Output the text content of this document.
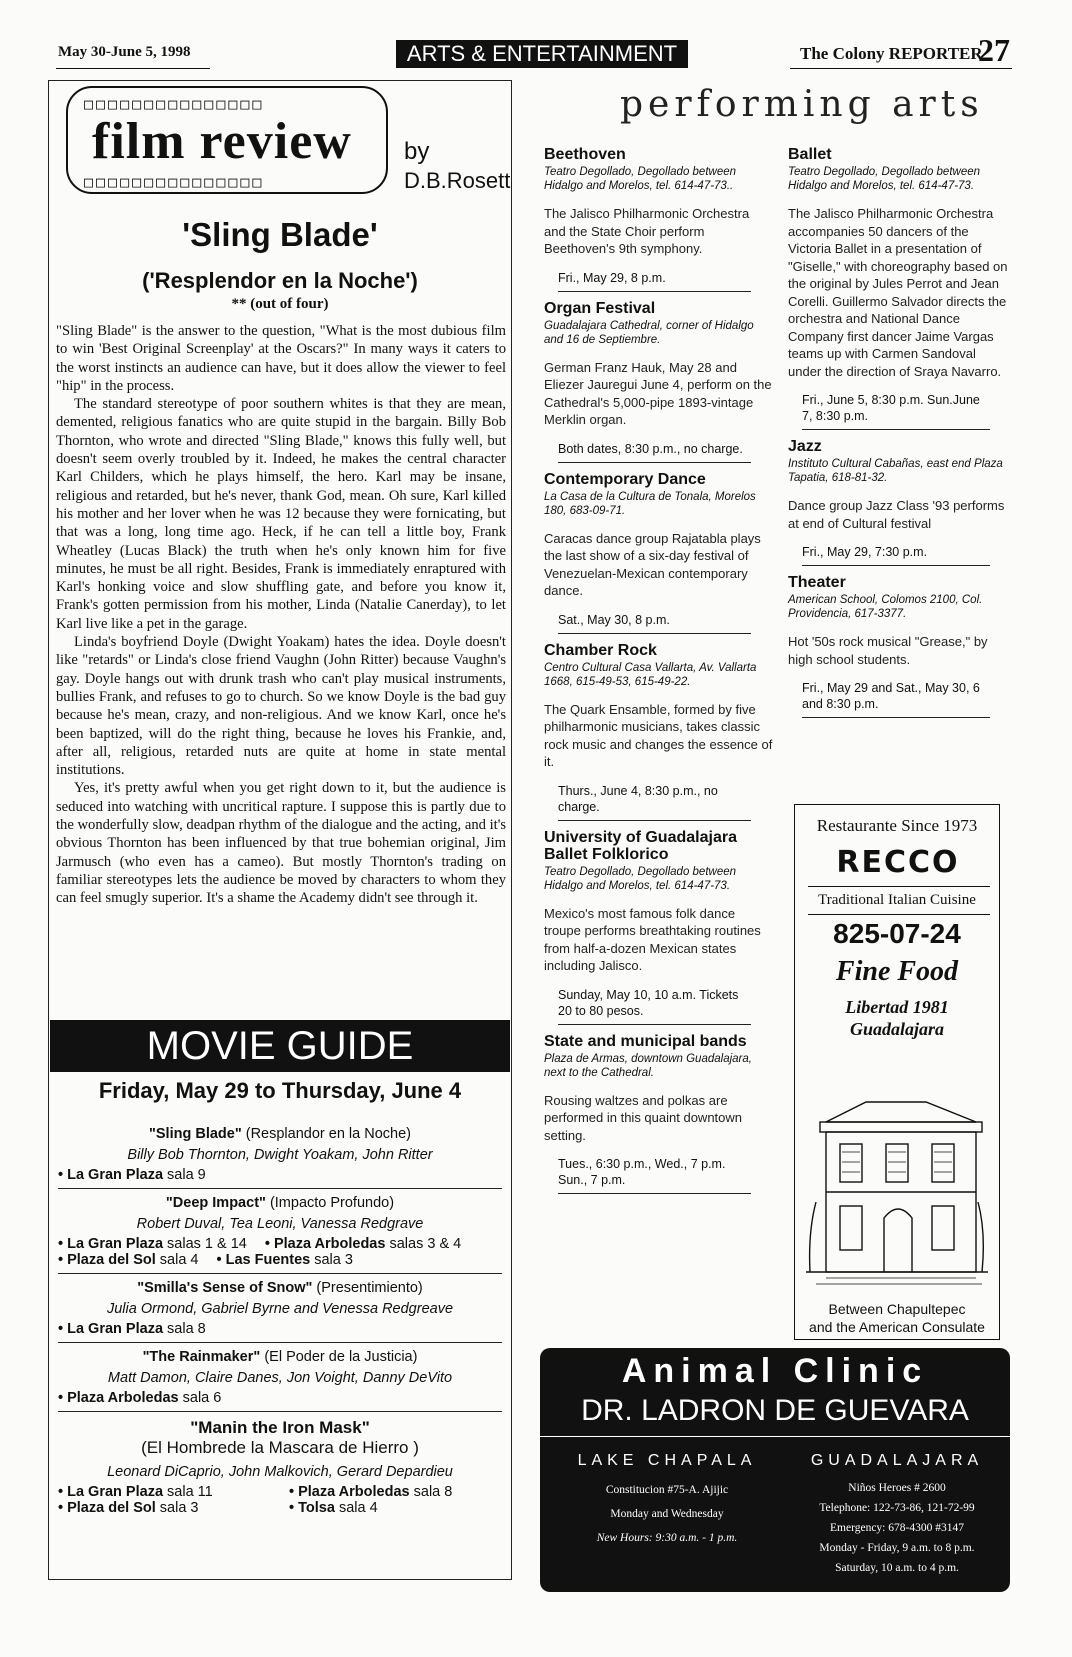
May 30-June 5, 1998	ARTS & ENTERTAINMENT	The Colony REPORTER
27
□□□□□□□□□□□□□□□
film review
□□□□□□□□□□□□□□□
by
D.B.Rosett
'Sling Blade'
('Resplendor en la Noche')
** (out of four)

"Sling Blade" is the answer to the question, "What is the most dubious film to win 'Best Original Screenplay' at the Oscars?" In many ways it caters to the worst instincts an audience can have, but it does allow the viewer to feel "hip" in the process.

The standard stereotype of poor southern whites is that they are mean, demented, religious fanatics who are quite stupid in the bargain. Billy Bob Thornton, who wrote and directed "Sling Blade," knows this fully well, but doesn't seem overly troubled by it. Indeed, he makes the central character Karl Childers, which he plays himself, the hero. Karl may be insane, religious and retarded, but he's never, thank God, mean. Oh sure, Karl killed his mother and her lover when he was 12 because they were fornicating, but that was a long, long time ago. Heck, if he can tell a little boy, Frank Wheatley (Lucas Black) the truth when he's only known him for five minutes, he must be all right. Besides, Frank is immediately enraptured with Karl's honking voice and slow shuffling gate, and before you know it, Frank's gotten permission from his mother, Linda (Natalie Canerday), to let Karl live like a pet in the garage.

Linda's boyfriend Doyle (Dwight Yoakam) hates the idea. Doyle doesn't like "retards" or Linda's close friend Vaughn (John Ritter) because Vaughn's gay. Doyle hangs out with drunk trash who can't play musical instruments, bullies Frank, and refuses to go to church. So we know Doyle is the bad guy because he's mean, crazy, and non-religious. And we know Karl, once he's been baptized, will do the right thing, because he loves his Frankie, and, after all, religious, retarded nuts are quite at home in state mental institutions.

Yes, it's pretty awful when you get right down to it, but the audience is seduced into watching with uncritical rapture. I suppose this is partly due to the wonderfully slow, deadpan rhythm of the dialogue and the acting, and it's obvious Thornton has been influenced by that true bohemian original, Jim Jarmusch (who even has a cameo). But mostly Thornton's trading on familiar stereotypes lets the audience be moved by characters to whom they can feel smugly superior. It's a shame the Academy didn't see through it.

MOVIE GUIDE
Friday, May 29 to Thursday, June 4
"Sling Blade" (Resplandor en la Noche)
Billy Bob Thornton, Dwight Yoakam, John Ritter
• La Gran Plaza sala 9
"Deep Impact" (Impacto Profundo)
Robert Duval, Tea Leoni, Vanessa Redgrave
• La Gran Plaza salas 1 & 14 • Plaza Arboledas salas 3 & 4
• Plaza del Sol sala 4 • Las Fuentes sala 3
"Smilla's Sense of Snow" (Presentimiento)
Julia Ormond, Gabriel Byrne and Venessa Redgreave
• La Gran Plaza sala 8
"The Rainmaker" (El Poder de la Justicia)
Matt Damon, Claire Danes, Jon Voight, Danny DeVito
• Plaza Arboledas sala 6
"Manin the Iron Mask"
(El Hombrede la Mascara de Hierro )
Leonard DiCaprio, John Malkovich, Gerard Depardieu
• La Gran Plaza sala 11	• Plaza Arboledas sala 8
• Plaza del Sol sala 3	• Tolsa sala 4
performing arts
Beethoven
Teatro Degollado, Degollado between Hidalgo and Morelos, tel. 614-47-73..
The Jalisco Philharmonic Orchestra and the State Choir perform Beethoven's 9th symphony.
Fri., May 29, 8 p.m.
Organ Festival
Guadalajara Cathedral, corner of Hidalgo and 16 de Septiembre.
German Franz Hauk, May 28 and Eliezer Jauregui June 4, perform on the Cathedral's 5,000-pipe 1893-vintage Merklin organ.
Both dates, 8:30 p.m., no charge.
Contemporary Dance
La Casa de la Cultura de Tonala, Morelos 180, 683-09-71.
Caracas dance group Rajatabla plays the last show of a six-day festival of Venezuelan-Mexican contemporary dance.
Sat., May 30, 8 p.m.
Chamber Rock
Centro Cultural Casa Vallarta, Av. Vallarta 1668, 615-49-53, 615-49-22.
The Quark Ensamble, formed by five philharmonic musicians, takes classic rock music and changes the essence of it.
Thurs., June 4, 8:30 p.m., no charge.
University of Guadalajara Ballet Folklorico
Teatro Degollado, Degollado between Hidalgo and Morelos, tel. 614-47-73.
Mexico's most famous folk dance troupe performs breathtaking routines from half-a-dozen Mexican states including Jalisco.
Sunday, May 10, 10 a.m. Tickets 20 to 80 pesos.
State and municipal bands
Plaza de Armas, downtown Guadalajara, next to the Cathedral.
Rousing waltzes and polkas are performed in this quaint downtown setting.
Tues., 6:30 p.m., Wed., 7 p.m. Sun., 7 p.m.
Ballet
Teatro Degollado, Degollado between Hidalgo and Morelos, tel. 614-47-73.
The Jalisco Philharmonic Orchestra accompanies 50 dancers of the Victoria Ballet in a presentation of "Giselle," with choreography based on the original by Jules Perrot and Jean Corelli. Guillermo Salvador directs the orchestra and National Dance Company first dancer Jaime Vargas teams up with Carmen Sandoval under the direction of Sraya Navarro.
Fri., June 5, 8:30 p.m. Sun.June 7, 8:30 p.m.
Jazz
Instituto Cultural Cabañas, east end Plaza Tapatia, 618-81-32.
Dance group Jazz Class '93 performs at end of Cultural festival
Fri., May 29, 7:30 p.m.
Theater
American School, Colomos 2100, Col. Providencia, 617-3377.
Hot '50s rock musical "Grease," by high school students.
Fri., May 29 and Sat., May 30, 6 and 8:30 p.m.
Restaurante Since 1973
RECCO
Traditional Italian Cuisine
825-07-24
Fine Food
Libertad 1981
Guadalajara
Between Chapultepec
and the American Consulate
Animal Clinic
DR. LADRON DE GUEVARA
LAKE CHAPALA
Constitucion #75-A. Ajijic
Monday and Wednesday
New Hours: 9:30 a.m. - 1 p.m.
GUADALAJARA
Niños Heroes # 2600
Telephone: 122-73-86, 121-72-99
Emergency: 678-4300 #3147
Monday - Friday, 9 a.m. to 8 p.m.
Saturday, 10 a.m. to 4 p.m.
